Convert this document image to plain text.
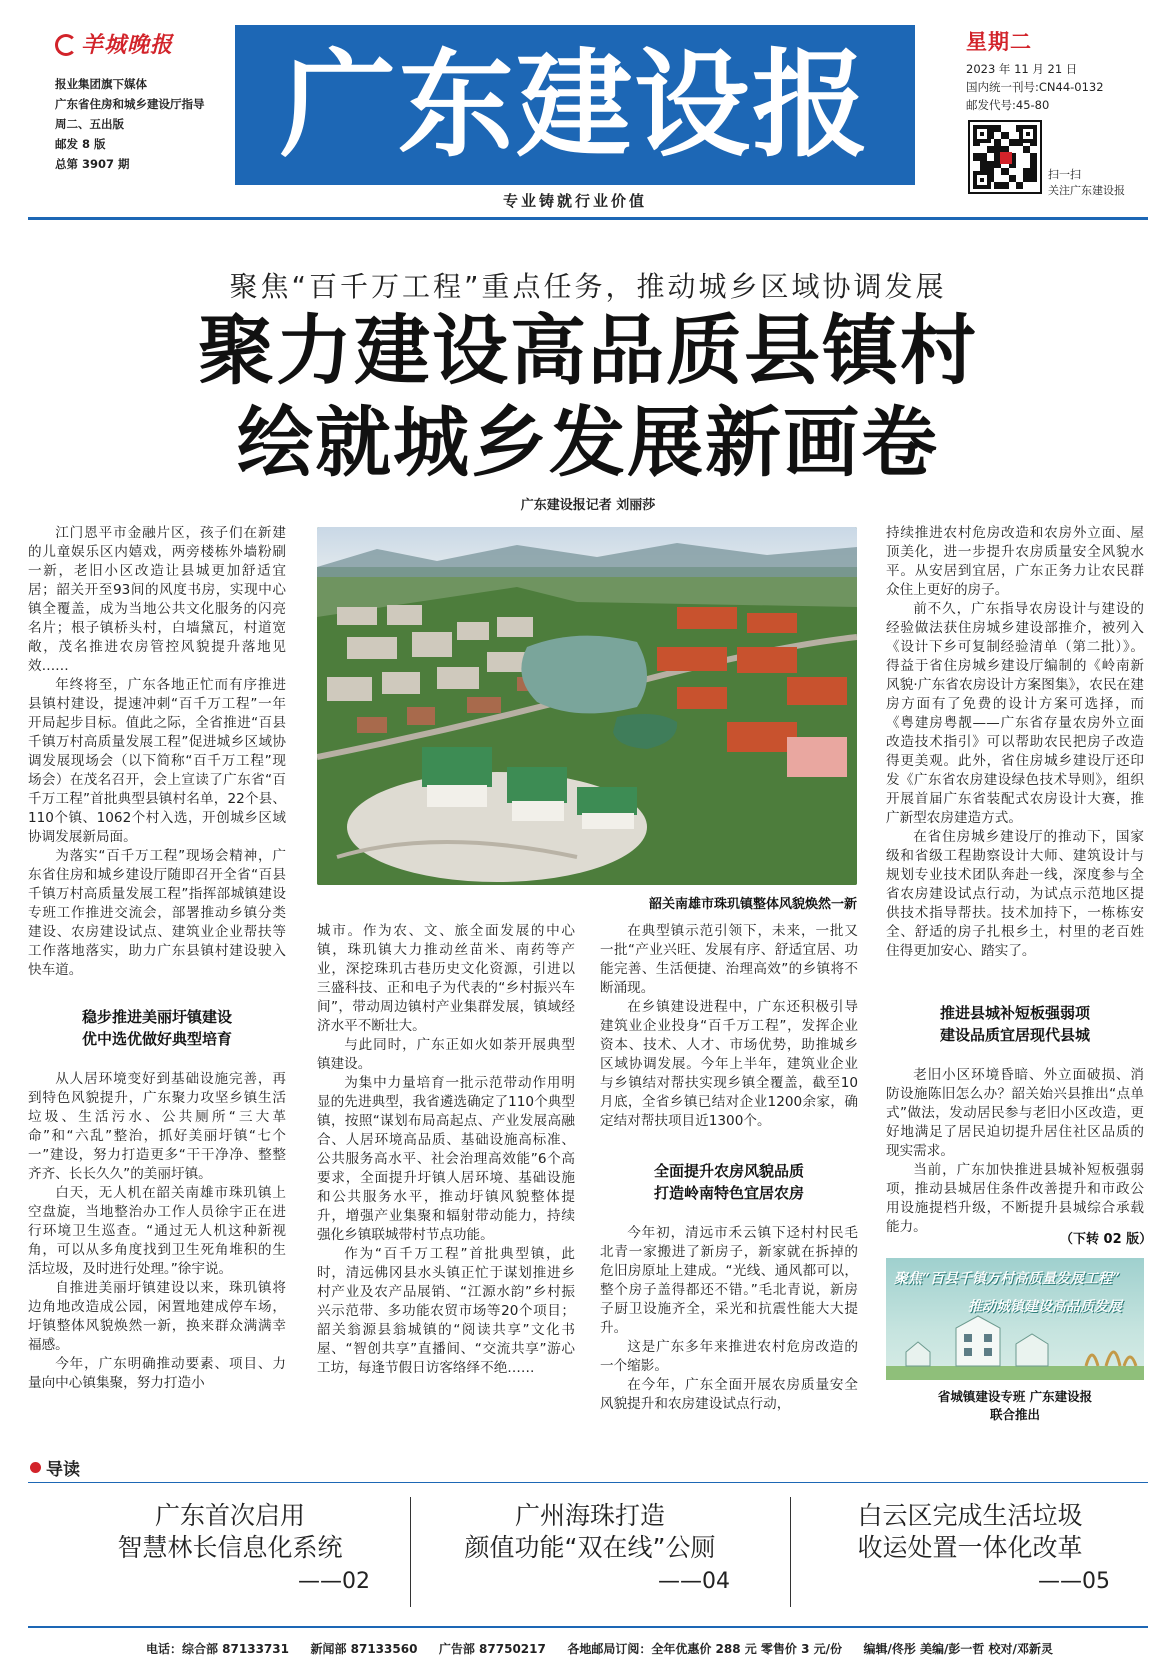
羊城晚报
报业集团旗下媒体
广东省住房和城乡建设厅指导
周二、五出版
邮发 8 版
总第 3907 期	广东建设报
专业铸就行业价值
星期二
2023 年 11 月 21 日
国内统一刊号:CN44-0132
邮发代号:45-80
扫一扫
关注广东建设报
聚焦“百千万工程”重点任务，推动城乡区域协调发展
聚力建设高品质县镇村
绘就城乡发展新画卷
广东建设报记者 刘丽莎

江门恩平市金融片区，孩子们在新建的儿童娱乐区内嬉戏，两旁楼栋外墙粉刷一新，老旧小区改造让县城更加舒适宜居；韶关开至93间的风度书房，实现中心镇全覆盖，成为当地公共文化服务的闪亮名片；根子镇桥头村，白墙黛瓦，村道宽敞，茂名推进农房管控风貌提升落地见效……

年终将至，广东各地正忙而有序推进县镇村建设，提速冲刺“百千万工程”一年开局起步目标。值此之际，全省推进“百县千镇万村高质量发展工程”促进城乡区域协调发展现场会（以下简称“百千万工程”现场会）在茂名召开，会上宣读了广东省“百千万工程”首批典型县镇村名单，22个县、110个镇、1062个村入选，开创城乡区域协调发展新局面。

为落实“百千万工程”现场会精神，广东省住房和城乡建设厅随即召开全省“百县千镇万村高质量发展工程”指挥部城镇建设专班工作推进交流会，部署推动乡镇分类建设、农房建设试点、建筑业企业帮扶等工作落地落实，助力广东县镇村建设驶入快车道。

稳步推进美丽圩镇建设
优中选优做好典型培育

从人居环境变好到基础设施完善，再到特色风貌提升，广东聚力攻坚乡镇生活垃圾、生活污水、公共厕所“三大革命”和“六乱”整治，抓好美丽圩镇“七个一”建设，努力打造更多“干干净净、整整齐齐、长长久久”的美丽圩镇。

白天，无人机在韶关南雄市珠玑镇上空盘旋，当地整治办工作人员徐宇正在进行环境卫生巡查。“通过无人机这种新视角，可以从多角度找到卫生死角堆积的生活垃圾，及时进行处理。”徐宇说。

自推进美丽圩镇建设以来，珠玑镇将边角地改造成公园，闲置地建成停车场，圩镇整体风貌焕然一新，换来群众满满幸福感。

今年，广东明确推动要素、项目、力量向中心镇集聚，努力打造小

韶关南雄市珠玑镇整体风貌焕然一新

城市。作为农、文、旅全面发展的中心镇，珠玑镇大力推动丝苗米、南药等产业，深挖珠玑古巷历史文化资源，引进以三盛科技、正和电子为代表的“乡村振兴车间”，带动周边镇村产业集群发展，镇域经济水平不断壮大。

与此同时，广东正如火如荼开展典型镇建设。

为集中力量培育一批示范带动作用明显的先进典型，我省遴选确定了110个典型镇，按照“谋划布局高起点、产业发展高融合、人居环境高品质、基础设施高标准、公共服务高水平、社会治理高效能”6个高要求，全面提升圩镇人居环境、基础设施和公共服务水平，推动圩镇风貌整体提升，增强产业集聚和辐射带动能力，持续强化乡镇联城带村节点功能。

作为“百千万工程”首批典型镇，此时，清远佛冈县水头镇正忙于谋划推进乡村产业及农产品展销、“江源水韵”乡村振兴示范带、多功能农贸市场等20个项目；韶关翁源县翁城镇的“阅读共享”文化书屋、“智创共享”直播间、“交流共享”游心工坊，每逢节假日访客络绎不绝……

在典型镇示范引领下，未来，一批又一批“产业兴旺、发展有序、舒适宜居、功能完善、生活便捷、治理高效”的乡镇将不断涌现。

在乡镇建设进程中，广东还积极引导建筑业企业投身“百千万工程”，发挥企业资本、技术、人才、市场优势，助推城乡区域协调发展。今年上半年，建筑业企业与乡镇结对帮扶实现乡镇全覆盖，截至10月底，全省乡镇已结对企业1200余家，确定结对帮扶项目近1300个。

全面提升农房风貌品质
打造岭南特色宜居农房

今年初，清远市禾云镇下迳村村民毛北青一家搬进了新房子，新家就在拆掉的危旧房原址上建成。“光线、通风都可以，整个房子盖得都还不错。”毛北青说，新房子厨卫设施齐全，采光和抗震性能大大提升。

这是广东多年来推进农村危房改造的一个缩影。

在今年，广东全面开展农房质量安全风貌提升和农房建设试点行动，

持续推进农村危房改造和农房外立面、屋顶美化，进一步提升农房质量安全风貌水平。从安居到宜居，广东正务力让农民群众住上更好的房子。

前不久，广东指导农房设计与建设的经验做法获住房城乡建设部推介，被列入《设计下乡可复制经验清单（第二批）》。得益于省住房城乡建设厅编制的《岭南新风貌·广东省农房设计方案图集》，农民在建房方面有了免费的设计方案可选择，而《粤建房粤靓——广东省存量农房外立面改造技术指引》可以帮助农民把房子改造得更美观。此外，省住房城乡建设厅还印发《广东省农房建设绿色技术导则》，组织开展首届广东省装配式农房设计大赛，推广新型农房建造方式。

在省住房城乡建设厅的推动下，国家级和省级工程勘察设计大师、建筑设计与规划专业技术团队奔赴一线，深度参与全省农房建设试点行动，为试点示范地区提供技术指导帮扶。技术加持下，一栋栋安全、舒适的房子扎根乡土，村里的老百姓住得更加安心、踏实了。

推进县城补短板强弱项
建设品质宜居现代县城

老旧小区环境昏暗、外立面破损、消防设施陈旧怎么办？韶关始兴县推出“点单式”做法，发动居民参与老旧小区改造，更好地满足了居民迫切提升居住社区品质的现实需求。

当前，广东加快推进县城补短板强弱项，推动县城居住条件改善提升和市政公用设施提档升级，不断提升县城综合承载能力。

（下转 02 版）
聚焦“百县千镇万村高质量发展工程”
推动城镇建设高品质发展
省城镇建设专班 广东建设报
联合推出
导读
广东首次启用
智慧林长信息化系统
——02
广州海珠打造
颜值功能“双在线”公厕
——04
白云区完成生活垃圾
收运处置一体化改革
——05
电话：综合部 87133731 新闻部 87133560 广告部 87750217 各地邮局订阅：全年优惠价 288 元 零售价 3 元/份 编辑/佟彤 美编/彭一哲 校对/邓新灵
